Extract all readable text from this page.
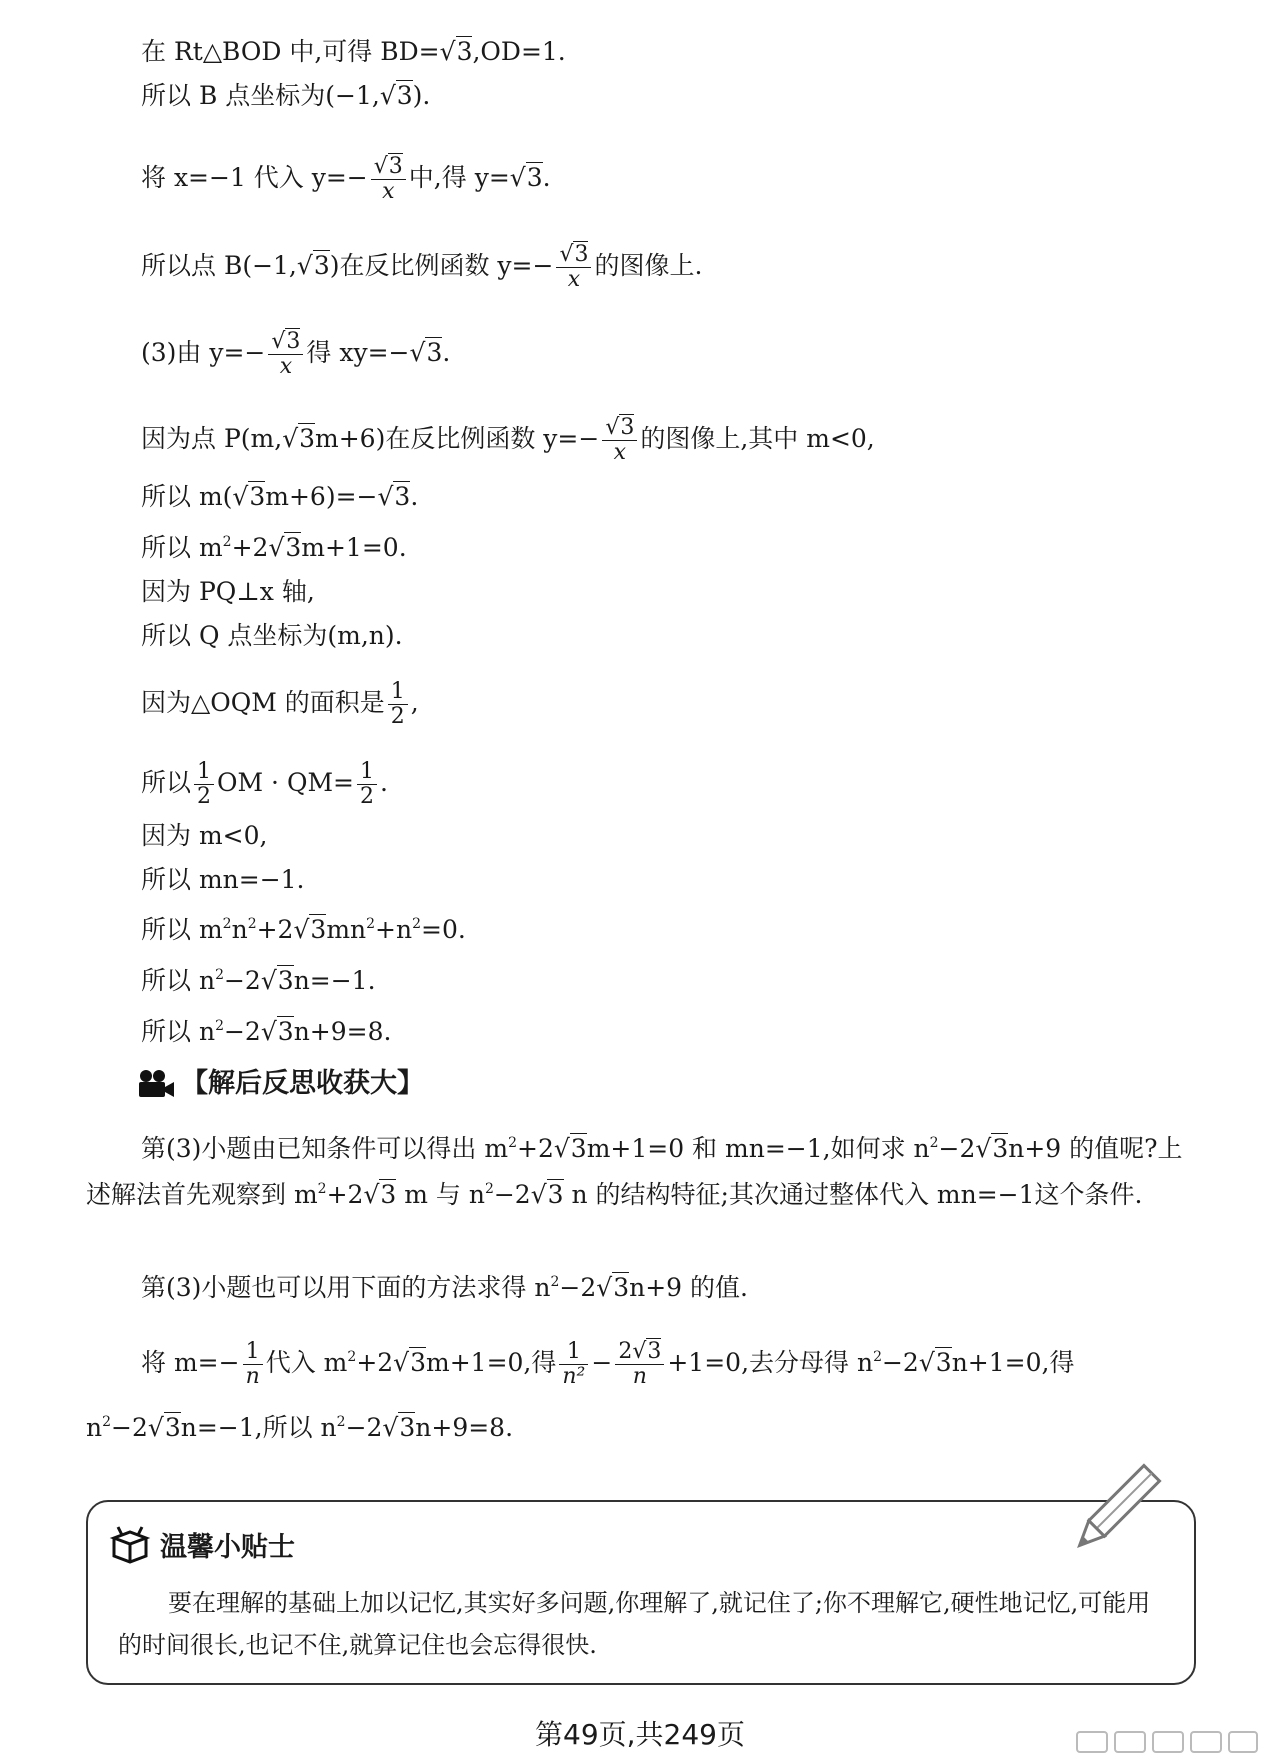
在 Rt△BOD 中,可得 BD=√3,OD=1.
所以 B 点坐标为(−1,√3).
将 x=−1 代入 $y=- \frac{√3}{x}$ 中,得 y=√3.
所以点 B(−1,√3)在反比例函数 $y=- \frac{√3}{x}$ 的图像上.
(3)由 $y=- \frac{√3}{x}$ 得 xy=−√3.
因为点 P(m,√3m+6)在反比例函数 $y=- \frac{√3}{x}$ 的图像上,其中 m<0,
所以 m(√3m+6)=−√3.
所以 $m^2+2√3m+1=0$.
因为 PQ⊥x 轴,
所以 Q 点坐标为(m,n).
因为△OQM 的面积是 $\frac{1}{2}$ ,
所以 $\frac{1}{2}$ OM · $QM= \frac{1}{2}$ .
因为 m<0,
所以 mn=−1.
所以 $m^2n^2+2√3mn^2+n^2=0$.
所以 $n^2-2√3n=-1$.
所以 $n^2-2√3n+9=8$.
【解后反思收获大】
第(3)小题由已知条件可以得出 $m^2+2√3m+1=0$ 和 mn=−1,如何求 $n^2-2√3n+9$ 的值呢?上述解法首先观察到 $m^2+2√3$ m 与 $n^2-2√3$ n 的结构特征;其次通过整体代入 mn=−1这个条件.
第(3)小题也可以用下面的方法求得 $n^2-2√3n+9$ 的值.
将 $m=- \frac{1}{n}$ 代入 $m^2+2√3m+1=0$,得 $\frac{1}{\text{n²}} - \frac{2√3}{n} +1=0$,去分母得 $n^2-2√3n+1=0$,得
$n^2-2√3n=-1$,所以 $n^2-2√3n+9=8$.
温馨小贴士
要在理解的基础上加以记忆,其实好多问题,你理解了,就记住了;你不理解它,硬性地记忆,可能用的时间很长,也记不住,就算记住也会忘得很快.
第49页,共249页
